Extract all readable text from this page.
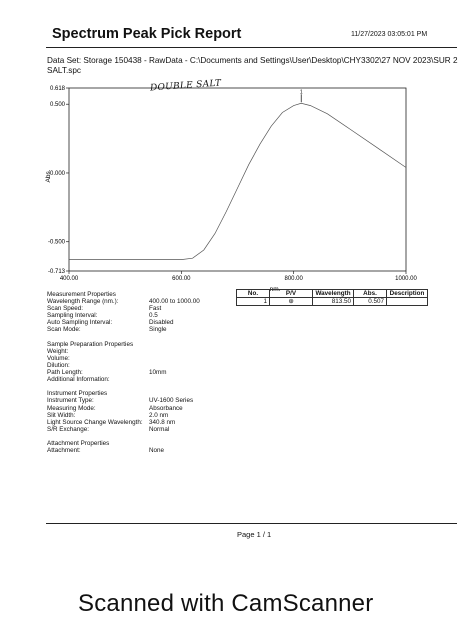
Spectrum Peak Pick Report	11/27/2023 03:05:01 PM
Data Set: Storage 150438 - RawData - C:\Documents and Settings\User\Desktop\CHY3302\27 NOV 2023\SUR 2 SALT.spc
0.618
0.500
0.000
-0.500
-0.713
400.00	600.00	800.00	1000.00
Abs.
nm.
1
DOUBLE SALT
Measurement Properties
Wavelength Range (nm.):	400.00 to 1000.00
Scan Speed:	Fast
Sampling Interval:	0.5
Auto Sampling Interval:	Disabled
Scan Mode:	Single
Sample Preparation Properties
Weight:
Volume:
Dilution:
Path Length:	10mm
Additional Information:
Instrument Properties
Instrument Type:	UV-1600 Series
Measuring Mode:	Absorbance
Slit Width:	2.0 nm
Light Source Change Wavelength: 340.8 nm
S/R Exchange:	Normal
Attachment Properties
Attachment:	None
No.	P/V	Wavelength	Abs.	Description
1	⊕	813.50	0.507	
Page 1 / 1
Scanned with CamScanner
